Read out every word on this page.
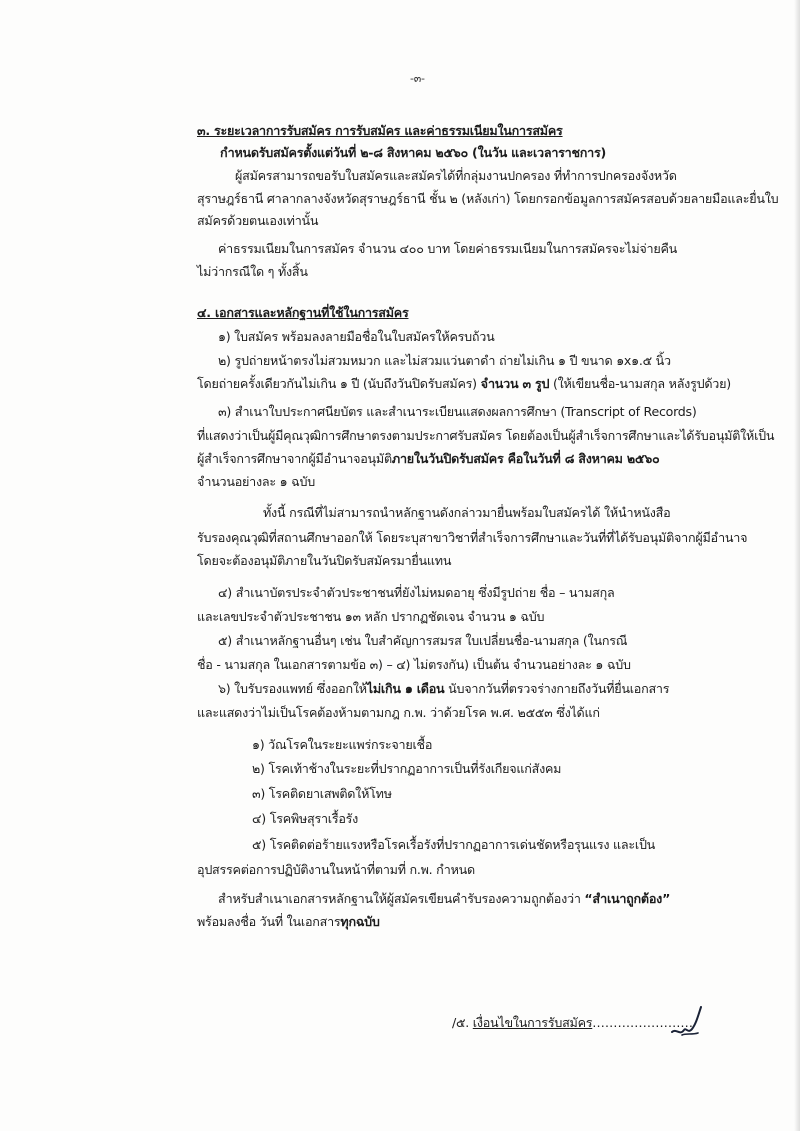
-๓-
๓. ระยะเวลาการรับสมัคร การรับสมัคร และค่าธรรมเนียมในการสมัคร
กำหนดรับสมัครตั้งแต่วันที่ ๒-๘ สิงหาคม ๒๕๖๐ (ในวัน และเวลาราชการ)
ผู้สมัครสามารถขอรับใบสมัครและสมัครได้ที่กลุ่มงานปกครอง ที่ทำการปกครองจังหวัด
สุราษฎร์ธานี ศาลากลางจังหวัดสุราษฎร์ธานี ชั้น ๒ (หลังเก่า) โดยกรอกข้อมูลการสมัครสอบด้วยลายมือและยื่นใบ
สมัครด้วยตนเองเท่านั้น
ค่าธรรมเนียมในการสมัคร จำนวน ๔๐๐ บาท โดยค่าธรรมเนียมในการสมัครจะไม่จ่ายคืน
ไม่ว่ากรณีใด ๆ ทั้งสิ้น
๔. เอกสารและหลักฐานที่ใช้ในการสมัคร
๑) ใบสมัคร พร้อมลงลายมือชื่อในใบสมัครให้ครบถ้วน
๒) รูปถ่ายหน้าตรงไม่สวมหมวก และไม่สวมแว่นตาดำ ถ่ายไม่เกิน ๑ ปี ขนาด ๑x๑.๕ นิ้ว
โดยถ่ายครั้งเดียวกันไม่เกิน ๑ ปี (นับถึงวันปิดรับสมัคร) จำนวน ๓ รูป (ให้เขียนชื่อ-นามสกุล หลังรูปด้วย)
๓) สำเนาใบประกาศนียบัตร และสำเนาระเบียนแสดงผลการศึกษา (Transcript of Records)
ที่แสดงว่าเป็นผู้มีคุณวุฒิการศึกษาตรงตามประกาศรับสมัคร โดยต้องเป็นผู้สำเร็จการศึกษาและได้รับอนุมัติให้เป็น
ผู้สำเร็จการศึกษาจากผู้มีอำนาจอนุมัติภายในวันปิดรับสมัคร คือในวันที่ ๘ สิงหาคม ๒๕๖๐
จำนวนอย่างละ ๑ ฉบับ
ทั้งนี้ กรณีที่ไม่สามารถนำหลักฐานดังกล่าวมายื่นพร้อมใบสมัครได้ ให้นำหนังสือ
รับรองคุณวุฒิที่สถานศึกษาออกให้ โดยระบุสาขาวิชาที่สำเร็จการศึกษาและวันที่ที่ได้รับอนุมัติจากผู้มีอำนาจ
โดยจะต้องอนุมัติภายในวันปิดรับสมัครมายื่นแทน
๔) สำเนาบัตรประจำตัวประชาชนที่ยังไม่หมดอายุ ซึ่งมีรูปถ่าย ชื่อ – นามสกุล
และเลขประจำตัวประชาชน ๑๓ หลัก ปรากฏชัดเจน จำนวน ๑ ฉบับ
๕) สำเนาหลักฐานอื่นๆ เช่น ใบสำคัญการสมรส ใบเปลี่ยนชื่อ-นามสกุล (ในกรณี
ชื่อ - นามสกุล ในเอกสารตามข้อ ๓) – ๔) ไม่ตรงกัน) เป็นต้น จำนวนอย่างละ ๑ ฉบับ
๖) ใบรับรองแพทย์ ซึ่งออกให้ไม่เกิน ๑ เดือน นับจากวันที่ตรวจร่างกายถึงวันที่ยื่นเอกสาร
และแสดงว่าไม่เป็นโรคต้องห้ามตามกฎ ก.พ. ว่าด้วยโรค พ.ศ. ๒๕๕๓ ซึ่งได้แก่
๑) วัณโรคในระยะแพร่กระจายเชื้อ
๒) โรคเท้าช้างในระยะที่ปรากฏอาการเป็นที่รังเกียจแก่สังคม
๓) โรคติดยาเสพติดให้โทษ
๔) โรคพิษสุราเรื้อรัง
๕) โรคติดต่อร้ายแรงหรือโรคเรื้อรังที่ปรากฏอาการเด่นชัดหรือรุนแรง และเป็น
อุปสรรคต่อการปฏิบัติงานในหน้าที่ตามที่ ก.พ. กำหนด
สำหรับสำเนาเอกสารหลักฐานให้ผู้สมัครเขียนคำรับรองความถูกต้องว่า “สำเนาถูกต้อง”
พร้อมลงชื่อ วันที่ ในเอกสารทุกฉบับ
/๕. เงื่อนไขในการรับสมัคร……………………
